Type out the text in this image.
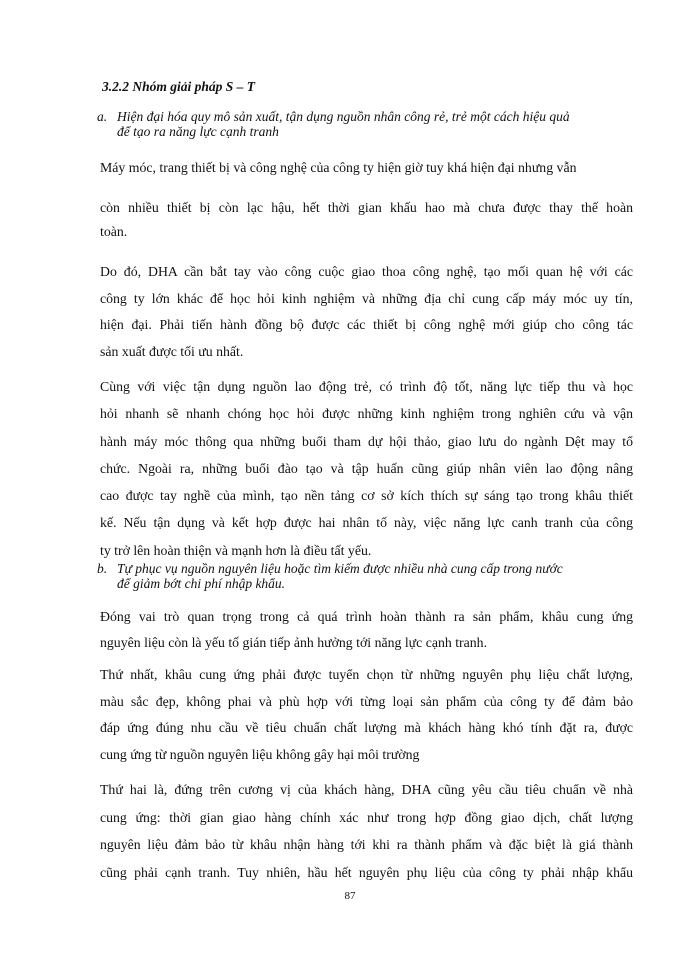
3.2.2 Nhóm giải pháp S – T

a. Hiện đại hóa quy mô sản xuất, tận dụng nguồn nhân công rẻ, trẻ một cách hiệu quả
để tạo ra năng lực cạnh tranh
Máy móc, trang thiết bị và công nghệ của công ty hiện giờ tuy khá hiện đại nhưng vẫn
còn nhiều thiết bị còn lạc hậu, hết thời gian khấu hao mà chưa được thay thế hoàn
toàn.
Do đó, DHA cần bắt tay vào công cuộc giao thoa công nghệ, tạo mối quan hệ với các
công ty lớn khác để học hỏi kinh nghiệm và những địa chỉ cung cấp máy móc uy tín,
hiện đại. Phải tiến hành đồng bộ được các thiết bị công nghệ mới giúp cho công tác
sản xuất được tối ưu nhất.
Cùng với việc tận dụng nguồn lao động trẻ, có trình độ tốt, năng lực tiếp thu và học
hỏi nhanh sẽ nhanh chóng học hỏi được những kinh nghiệm trong nghiên cứu và vận
hành máy móc thông qua những buổi tham dự hội thảo, giao lưu do ngành Dệt may tổ
chức. Ngoài ra, những buổi đào tạo và tập huấn cũng giúp nhân viên lao động nâng
cao được tay nghề của mình, tạo nền tảng cơ sở kích thích sự sáng tạo trong khâu thiết
kế. Nếu tận dụng và kết hợp được hai nhân tố này, việc năng lực canh tranh của công
ty trở lên hoàn thiện và mạnh hơn là điều tất yếu.
b. Tự phục vụ nguồn nguyên liệu hoặc tìm kiếm được nhiều nhà cung cấp trong nước
để giảm bớt chi phí nhập khẩu.
Đóng vai trò quan trọng trong cả quá trình hoàn thành ra sản phẩm, khâu cung ứng
nguyên liệu còn là yếu tố gián tiếp ảnh hưởng tới năng lực cạnh tranh.
Thứ nhất, khâu cung ứng phải được tuyển chọn từ những nguyên phụ liệu chất lượng,
màu sắc đẹp, không phai và phù hợp với từng loại sản phẩm của công ty để đảm bảo
đáp ứng đúng nhu cầu về tiêu chuẩn chất lượng mà khách hàng khó tính đặt ra, được
cung ứng từ nguồn nguyên liệu không gây hại môi trường
Thứ hai là, đứng trên cương vị của khách hàng, DHA cũng yêu cầu tiêu chuẩn về nhà
cung ứng: thời gian giao hàng chính xác như trong hợp đồng giao dịch, chất lượng
nguyên liệu đảm bảo từ khâu nhận hàng tới khi ra thành phẩm và đặc biệt là giá thành
cũng phải cạnh tranh. Tuy nhiên, hầu hết nguyên phụ liệu của công ty phải nhập khẩu

87
